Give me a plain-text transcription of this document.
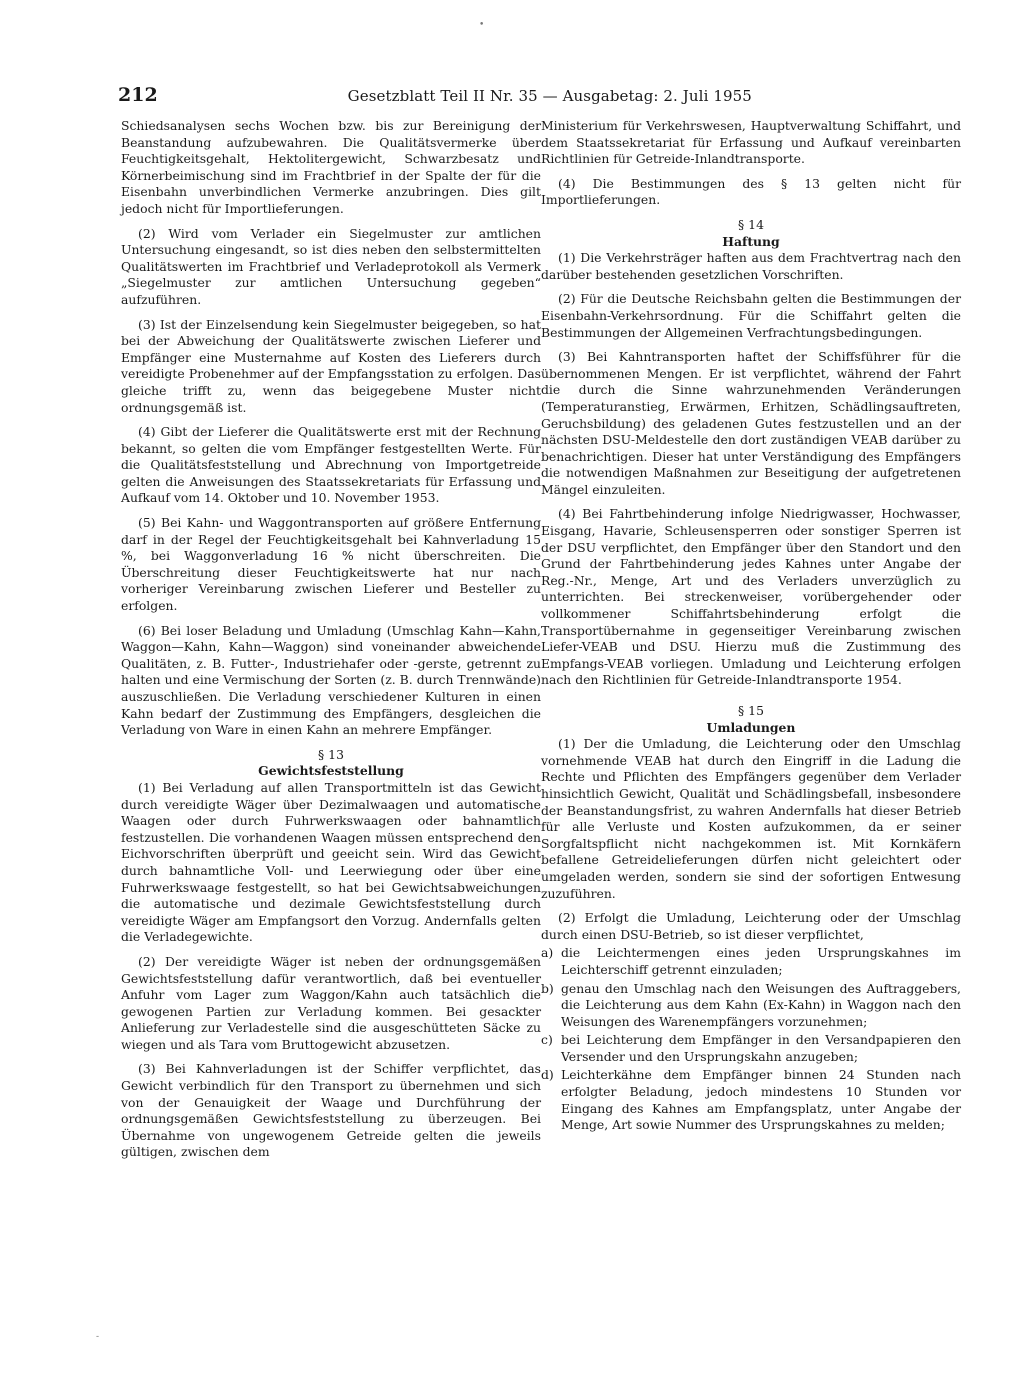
•
212	Gesetzblatt Teil II Nr. 35 — Ausgabetag: 2. Juli 1955

Schiedsanalysen sechs Wochen bzw. bis zur Bereinigung der Beanstandung aufzubewahren. Die Qualitätsvermerke über Feuchtigkeitsgehalt, Hektolitergewicht, Schwarzbesatz und Körnerbeimischung sind im Frachtbrief in der Spalte der für die Eisenbahn unverbindlichen Vermerke anzubringen. Dies gilt jedoch nicht für Importlieferungen.

(2) Wird vom Verlader ein Siegelmuster zur amtlichen Untersuchung eingesandt, so ist dies neben den selbstermittelten Qualitätswerten im Frachtbrief und Verladeprotokoll als Vermerk „Siegelmuster zur amtlichen Untersuchung gegeben“ aufzuführen.

(3) Ist der Einzelsendung kein Siegelmuster beigegeben, so hat bei der Abweichung der Qualitätswerte zwischen Lieferer und Empfänger eine Musternahme auf Kosten des Lieferers durch vereidigte Probenehmer auf der Empfangsstation zu erfolgen. Das gleiche trifft zu, wenn das beigegebene Muster nicht ordnungsgemäß ist.

(4) Gibt der Lieferer die Qualitätswerte erst mit der Rechnung bekannt, so gelten die vom Empfänger festgestellten Werte. Für die Qualitätsfeststellung und Abrechnung von Importgetreide gelten die Anweisungen des Staatssekretariats für Erfassung und Aufkauf vom 14. Oktober und 10. November 1953.

(5) Bei Kahn- und Waggontransporten auf größere Entfernung darf in der Regel der Feuchtigkeitsgehalt bei Kahnverladung 15 %, bei Waggonverladung 16 % nicht überschreiten. Die Überschreitung dieser Feuchtigkeitswerte hat nur nach vorheriger Vereinbarung zwischen Lieferer und Besteller zu erfolgen.

(6) Bei loser Beladung und Umladung (Umschlag Kahn—Kahn, Waggon—Kahn, Kahn—Waggon) sind voneinander abweichende Qualitäten, z. B. Futter-, Industriehafer oder -gerste, getrennt zu halten und eine Vermischung der Sorten (z. B. durch Trennwände) auszuschließen. Die Verladung verschiedener Kulturen in einen Kahn bedarf der Zustimmung des Empfängers, desgleichen die Verladung von Ware in einen Kahn an mehrere Empfänger.

§ 13
Gewichtsfeststellung

(1) Bei Verladung auf allen Transportmitteln ist das Gewicht durch vereidigte Wäger über Dezimalwaagen und automatische Waagen oder durch Fuhrwerkswaagen oder bahnamtlich festzustellen. Die vorhandenen Waagen müssen entsprechend den Eichvorschriften überprüft und geeicht sein. Wird das Gewicht durch bahnamtliche Voll- und Leerwiegung oder über eine Fuhrwerkswaage festgestellt, so hat bei Gewichtsabweichungen die automatische und dezimale Gewichtsfeststellung durch vereidigte Wäger am Empfangsort den Vorzug. Andernfalls gelten die Verladegewichte.

(2) Der vereidigte Wäger ist neben der ordnungsgemäßen Gewichtsfeststellung dafür verantwortlich, daß bei eventueller Anfuhr vom Lager zum Waggon/Kahn auch tatsächlich die gewogenen Partien zur Verladung kommen. Bei gesackter Anlieferung zur Verladestelle sind die ausgeschütteten Säcke zu wiegen und als Tara vom Bruttogewicht abzusetzen.

(3) Bei Kahnverladungen ist der Schiffer verpflichtet, das Gewicht verbindlich für den Transport zu übernehmen und sich von der Genauigkeit der Waage und Durchführung der ordnungsgemäßen Gewichtsfeststellung zu überzeugen. Bei Übernahme von ungewogenem Getreide gelten die jeweils gültigen, zwischen dem

Ministerium für Verkehrswesen, Hauptverwaltung Schiffahrt, und dem Staatssekretariat für Erfassung und Aufkauf vereinbarten Richtlinien für Getreide-Inlandtransporte.

(4) Die Bestimmungen des § 13 gelten nicht für Importlieferungen.

§ 14
Haftung

(1) Die Verkehrsträger haften aus dem Frachtvertrag nach den darüber bestehenden gesetzlichen Vorschriften.

(2) Für die Deutsche Reichsbahn gelten die Bestimmungen der Eisenbahn-Verkehrsordnung. Für die Schiffahrt gelten die Bestimmungen der Allgemeinen Verfrachtungsbedingungen.

(3) Bei Kahntransporten haftet der Schiffsführer für die übernommenen Mengen. Er ist verpflichtet, während der Fahrt die durch die Sinne wahrzunehmenden Veränderungen (Temperaturanstieg, Erwärmen, Erhitzen, Schädlingsauftreten, Geruchsbildung) des geladenen Gutes festzustellen und an der nächsten DSU-Meldestelle den dort zuständigen VEAB darüber zu benachrichtigen. Dieser hat unter Verständigung des Empfängers die notwendigen Maßnahmen zur Beseitigung der aufgetretenen Mängel einzuleiten.

(4) Bei Fahrtbehinderung infolge Niedrigwasser, Hochwasser, Eisgang, Havarie, Schleusensperren oder sonstiger Sperren ist der DSU verpflichtet, den Empfänger über den Standort und den Grund der Fahrtbehinderung jedes Kahnes unter Angabe der Reg.-Nr., Menge, Art und des Verladers unverzüglich zu unterrichten. Bei streckenweiser, vorübergehender oder vollkommener Schiffahrtsbehinderung erfolgt die Transportübernahme in gegenseitiger Vereinbarung zwischen Liefer-VEAB und DSU. Hierzu muß die Zustimmung des Empfangs-VEAB vorliegen. Umladung und Leichterung erfolgen nach den Richtlinien für Getreide-Inlandtransporte 1954.

§ 15
Umladungen

(1) Der die Umladung, die Leichterung oder den Umschlag vornehmende VEAB hat durch den Eingriff in die Ladung die Rechte und Pflichten des Empfängers gegenüber dem Verlader hinsichtlich Gewicht, Qualität und Schädlingsbefall, insbesondere der Beanstandungsfrist, zu wahren Andernfalls hat dieser Betrieb für alle Verluste und Kosten aufzukommen, da er seiner Sorgfaltspflicht nicht nachgekommen ist. Mit Kornkäfern befallene Getreidelieferungen dürfen nicht geleichtert oder umgeladen werden, sondern sie sind der sofortigen Entwesung zuzuführen.

(2) Erfolgt die Umladung, Leichterung oder der Umschlag durch einen DSU-Betrieb, so ist dieser verpflichtet,

a) die Leichtermengen eines jeden Ursprungskahnes im Leichterschiff getrennt einzuladen;
b) genau den Umschlag nach den Weisungen des Auftraggebers, die Leichterung aus dem Kahn (Ex-Kahn) in Waggon nach den Weisungen des Warenempfängers vorzunehmen;
c) bei Leichterung dem Empfänger in den Versandpapieren den Versender und den Ursprungskahn anzugeben;
d) Leichterkähne dem Empfänger binnen 24 Stunden nach erfolgter Beladung, jedoch mindestens 10 Stunden vor Eingang des Kahnes am Empfangsplatz, unter Angabe der Menge, Art sowie Nummer des Ursprungskahnes zu melden;
-
